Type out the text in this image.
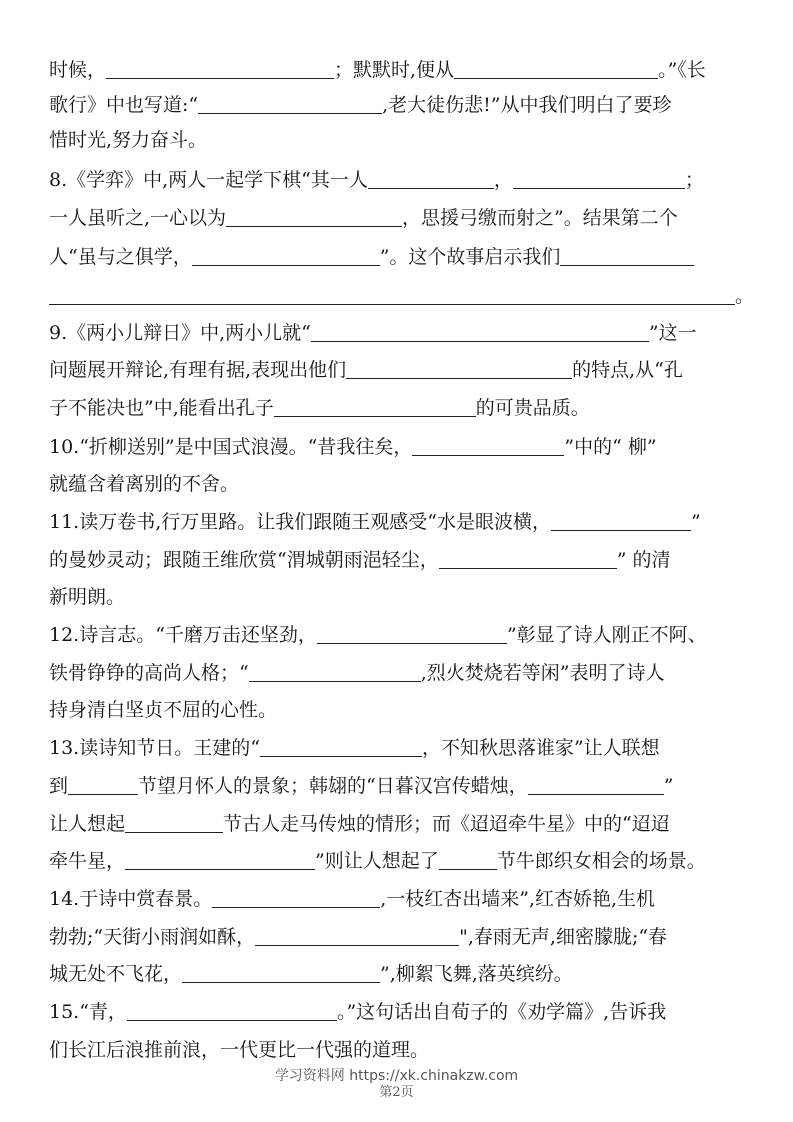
时候，	；默默时,便从	。”《长
歌行》中也写道:“	,老大徒伤悲!”从中我们明白了要珍
惜时光,努力奋斗。
8.《学弈》中,两人一起学下棋“其一人	，	；
一人虽听之,一心以为	，思援弓缴而射之”。结果第二个
人“虽与之俱学，	”。这个故事启示我们
。
9.《两小儿辩日》中,两小儿就“	”这一
问题展开辩论,有理有据,表现出他们	的特点,从“孔
子不能决也”中,能看出孔子	的可贵品质。
10.“折柳送别”是中国式浪漫。“昔我往矣，	”中的“ 柳”
就蕴含着离别的不舍。
11.读万卷书,行万里路。让我们跟随王观感受“水是眼波横，	”
的曼妙灵动；跟随王维欣赏“渭城朝雨浥轻尘，	” 的清
新明朗。
12.诗言志。“千磨万击还坚劲，	”彰显了诗人刚正不阿、
铁骨铮铮的高尚人格；“	,烈火焚烧若等闲”表明了诗人
持身清白坚贞不屈的心性。
13.读诗知节日。王建的“	，不知秋思落谁家”让人联想
到	节望月怀人的景象；韩翃的“日暮汉宫传蜡烛，	”
让人想起	节古人走马传烛的情形；而《迢迢牵牛星》中的“迢迢
牵牛星，	”则让人想起了	节牛郎织女相会的场景。
14.于诗中赏春景。	,一枝红杏出墙来”,红杏娇艳,生机
勃勃;“天街小雨润如酥，	",春雨无声,细密朦胧;“春
城无处不飞花，	”,柳絮飞舞,落英缤纷。
15.“青，	。”这句话出自荀子的《劝学篇》,告诉我
们长江后浪推前浪，一代更比一代强的道理。
学习资料网 https://xk.chinakzw.com
第2页
